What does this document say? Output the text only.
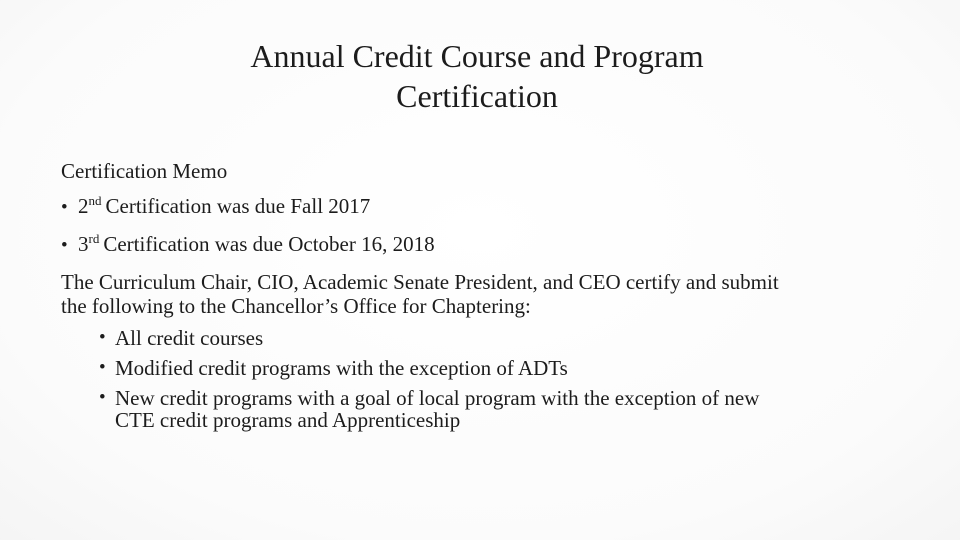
Annual Credit Course and Program
Certification
Certification Memo
• 2nd Certification was due Fall 2017
• 3rd Certification was due October 16, 2018
The Curriculum Chair, CIO, Academic Senate President, and CEO certify and submit
the following to the Chancellor’s Office for Chaptering:
• All credit courses
• Modified credit programs with the exception of ADTs
• New credit programs with a goal of local program with the exception of new
CTE credit programs and Apprenticeship
